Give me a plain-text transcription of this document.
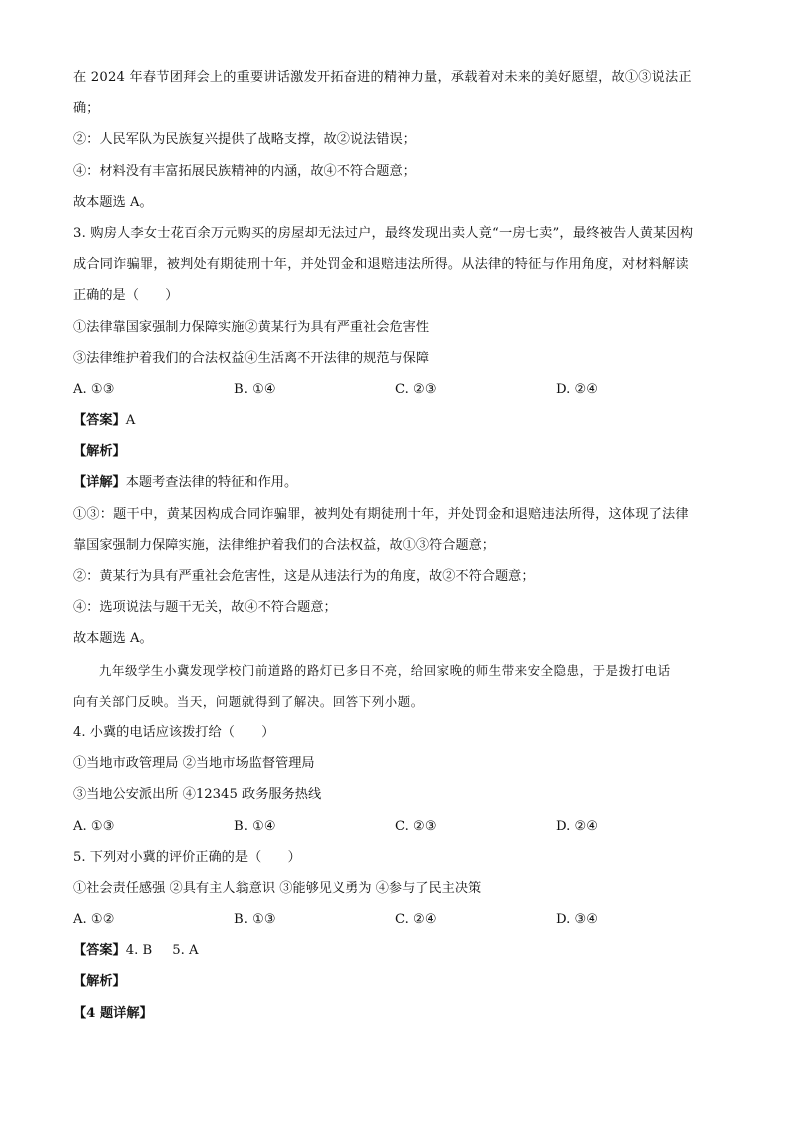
在 2024 年春节团拜会上的重要讲话激发开拓奋进的精神力量，承载着对未来的美好愿望，故①③说法正
确；
②：人民军队为民族复兴提供了战略支撑，故②说法错误；
④：材料没有丰富拓展民族精神的内涵，故④不符合题意；
故本题选 A。
3. 购房人李女士花百余万元购买的房屋却无法过户，最终发现出卖人竟“一房七卖”，最终被告人黄某因构
成合同诈骗罪，被判处有期徒刑十年，并处罚金和退赔违法所得。从法律的特征与作用角度，对材料解读
正确的是（　　）
①法律靠国家强制力保障实施②黄某行为具有严重社会危害性
③法律维护着我们的合法权益④生活离不开法律的规范与保障
A. ①③	B. ①④	C. ②③	D. ②④
【答案】A
【解析】
【详解】本题考查法律的特征和作用。
①③：题干中，黄某因构成合同诈骗罪，被判处有期徒刑十年，并处罚金和退赔违法所得，这体现了法律
靠国家强制力保障实施，法律维护着我们的合法权益，故①③符合题意；
②：黄某行为具有严重社会危害性，这是从违法行为的角度，故②不符合题意；
④：选项说法与题干无关，故④不符合题意；
故本题选 A。
九年级学生小冀发现学校门前道路的路灯已多日不亮，给回家晚的师生带来安全隐患，于是拨打电话
向有关部门反映。当天，问题就得到了解决。回答下列小题。
4. 小冀的电话应该拨打给（　　）
①当地市政管理局 ②当地市场监督管理局
③当地公安派出所 ④12345 政务服务热线
A. ①③	B. ①④	C. ②③	D. ②④
5. 下列对小冀的评价正确的是（　　）
①社会责任感强 ②具有主人翁意识 ③能够见义勇为 ④参与了民主决策
A. ①②	B. ①③	C. ②④	D. ③④
【答案】4. B 5. A
【解析】
【4 题详解】
